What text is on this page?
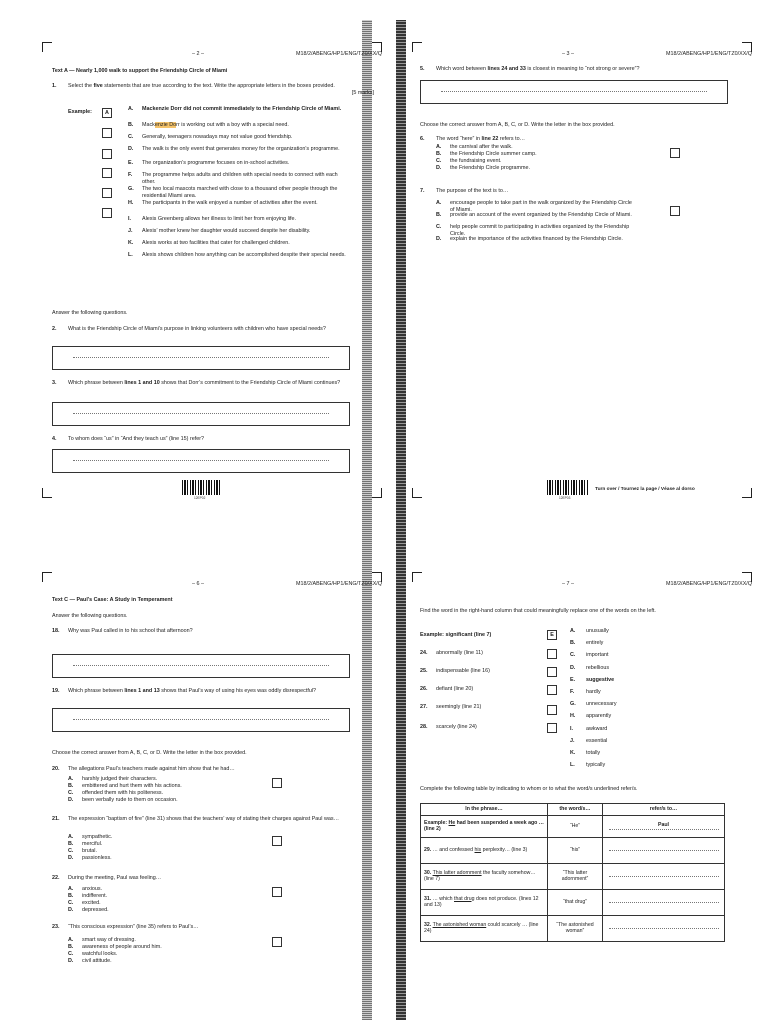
– 2 –	M18/2/ABENG/HP1/ENG/TZ0/XX/Q
Text A — Nearly 1,000 walk to support the Friendship Circle of Miami
1. Select the five statements that are true according to the text. Write the appropriate letters in the boxes provided.
[5 marks]
Example:	A
A. Mackenzie Dorr did not commit immediately to the Friendship Circle of Miami.
B. Mackenzie Dorr is working out with a boy with a special need.
C. Generally, teenagers nowadays may not value good friendship.
D. The walk is the only event that generates money for the organization’s programme.
E. The organization’s programme focuses on in-school activities.
F. The programme helps adults and children with special needs to connect with each other.
G. The two local mascots marched with close to a thousand other people through the residential Miami area.
H. The participants in the walk enjoyed a number of activities after the event.
I. Alexis Greenberg allows her illness to limit her from enjoying life.
J. Alexis’ mother knew her daughter would succeed despite her disability.
K. Alexis works at two facilities that cater for challenged children.
L. Alexis shows children how anything can be accomplished despite their special needs.
Answer the following questions.
2. What is the Friendship Circle of Miami’s purpose in linking volunteers with children who have special needs?
3. Which phrase between lines 1 and 10 shows that Dorr’s commitment to the Friendship Circle of Miami continues?
4. To whom does “us” in “And they teach us” (line 15) refer?
12EP02
– 3 –	M18/2/ABENG/HP1/ENG/TZ0/XX/Q
5. Which word between lines 24 and 33 is closest in meaning to “not strong or severe”?
Choose the correct answer from A, B, C, or D. Write the letter in the box provided.
6. The word “here” in line 22 refers to…
7. The purpose of the text is to…
12EP03
Turn over / Tournez la page / Véase al dorso
A. the carnival after the walk.
B. the Friendship Circle summer camp.
C. the fundraising event.
D. the Friendship Circle programme.
A. encourage people to take part in the walk organized by the Friendship Circle of Miami.
B. provide an account of the event organized by the Friendship Circle of Miami.
C. help people commit to participating in activities organized by the Friendship Circle.
D. explain the importance of the activities financed by the Friendship Circle.
– 6 –	M18/2/ABENG/HP1/ENG/TZ0/XX/Q
Text C — Paul’s Case: A Study in Temperament
Answer the following questions.
18. Why was Paul called in to his school that afternoon?
19. Which phrase between lines 1 and 13 shows that Paul’s way of using his eyes was oddly disrespectful?
Choose the correct answer from A, B, C, or D. Write the letter in the box provided.
20. The allegations Paul’s teachers made against him show that he had…
21. The expression “baptism of fire” (line 31) shows that the teachers’ way of stating their charges against Paul was…
22. During the meeting, Paul was feeling…
23. “This conscious expression” (line 35) refers to Paul’s…
A. harshly judged their characters.
B. embittered and hurt them with his actions.
C. offended them with his politeness.
D. been verbally rude to them on occasion.
A. sympathetic.
B. merciful.
C. brutal.
D. passionless.
A. anxious.
B. indifferent.
C. excited.
D. depressed.
A. smart way of dressing.
B. awareness of people around him.
C. watchful looks.
D. civil attitude.
– 7 –	M18/2/ABENG/HP1/ENG/TZ0/XX/Q
Find the word in the right-hand column that could meaningfully replace one of the words on the left.
Example: significant (line 7)	E
Complete the following table by indicating to whom or to what the word/s underlined refer/s.
In the phrase…	the word/s…	refer/s to…
Example: He had been suspended a week ago … (line 2)	“He”	Paul
29. … and confessed his perplexity… (line 3)	“his”	
30. This latter adornment the faculty somehow… (line 7)	“This latter adornment”	
31. … which that drug does not produce. (lines 12 and 13)	“that drug”	
32. The astonished woman could scarcely … (line 24)	“The astonished woman”	
24. abnormally (line 11)
25. indispensable (line 16)
26. defiant (line 20)
27. seemingly (line 21)
28. scarcely (line 24)
A. unusually
B. entirely
C. important
D. rebellious
E. suggestive
F. hardly
G. unnecessary
H. apparently
I. awkward
J. essential
K. totally
L. typically
